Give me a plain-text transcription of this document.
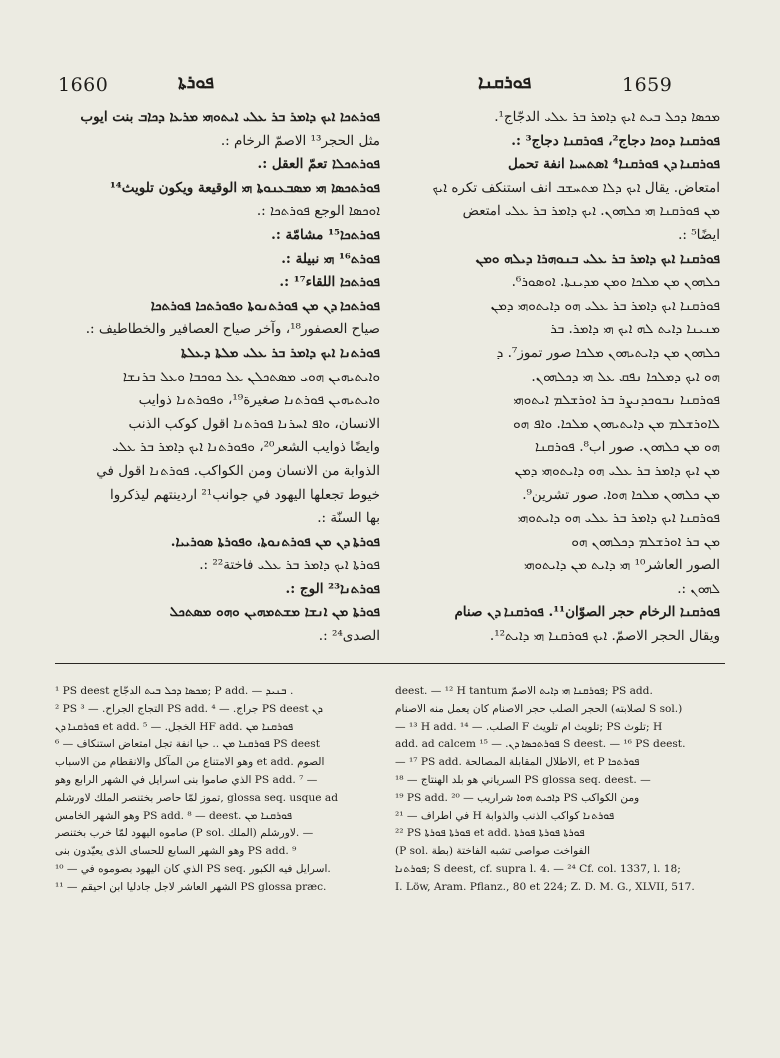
1660	ܦܘܪܬܐ	ܦܘܪܩܢܐ	1659
ܦܘܪܬܟܐ ܐܝܟ ܕܐܡܪ ܒܪ ܥܠܝ ܐܝܬܘܗܝ ܡܪܥܐ ܕܟܐܒ بنت ايوب
مثل الحجر¹³ الاصمّ الرخام :.
ܦܘܪܬܟܠܐ تعمّ العقل :.
ܦܘܪܬܟܣܐ ܗܝ ܡܣܒܥܢܘܬܐ ܗܝ الوقيعة ويكون تلويث¹⁴
ܐܘܟܣܐ الوجع ܦܘܪܬܟܐ :.
ܦܘܪܬܟܐ¹⁵ مشامّة :.
ܦܘܪܬ¹⁶ ܗܝ نبيلة :.
ܦܘܪܬܟܐ اللقاء¹⁷ :.
ܦܘܪܬܟܐ ܕܢ ܡܢ ܦܘܪܬܢܘܬܐ ܘܦܘܪܬܟܐ ܦܘܪܬܟܐ
صياح العصفور¹⁸، وآخر صياح العصافير والخطاطيف :.
ܦܘܪܬܢܐ ܐܝܟ ܕܐܡܪ ܒܪ ܥܠܝ ܡܠܬܐ ܕܥܠܬܐ
ܘܐܝܬܝܗܝܢ ܗܘܝ ܡܣܬܟܠܢ ܥܠ ܟܘܟܒܐ ܘܥܠ ܒܪܢܫܐ
ܘܐܝܬܝܗܝܢ ܦܘܪܬܢܐ صغيرة¹⁹، ܘܦܘܪܬܢܐ ذوايب
الانسان، ܘܐܦ ܐܚܪܢܐ ܦܘܪܬܢܐ اقول كوكب الذنب
وايضًا ذوايب الشعر²⁰، ܘܦܘܪܬܢܐ ܐܝܟ ܕܐܡܪ ܒܪ ܥܠܝ
الذوابة من الانسان ومن الكواكب. ܦܘܪܬܢܐ اقول في
خيوط تجعلها اليهود في جوانب²¹ اردينتهم ليذكروا
بها السنّة :.
ܦܘܪܬܐ ܕܢ ܡܢ ܦܘܪܬܢܘܬܐ، ܘܦܘܪܬܐ ܣܘܪܝܝܐ.
ܦܘܪܬܐ ܐܝܟ ܕܐܡܪ ܒܪ ܥܠܝ فاختة²² :.
ܦܘܪܬܢܐ²³ الوج :.
ܦܘܪܬܐ ܡܢ ܐܢܫܐ ܡܫܬܡܗܝܢ ܘܗܘ ܡܣܬܟܠ
الصدى²⁴ :.
ܡܟܣܐ ܕܟܠ ܒܝܬ ܐܝܟ ܕܐܡܪ ܒܪ ܥܠܝ الدجّاج¹.
ܦܘܪܩܢܐ ܕܘܟܐ دجاج²، ܦܘܪܩܢܐ دجاج³ :.
ܦܘܪܩܢܐ ܕܢ ܦܘܪܩܢܐ⁴ ܐܣܬܚܝܐ انفة تحمل
امتعاض. يقال ܐܝܟ ܕܠܐ ܡܬܚܫܒ انف استنكف تكره ܐܝܟ
ܡܢ ܦܘܪܩܢܐ ܗܝ ܟܠܗܘܢ. ܐܝܟ ܕܐܡܪ ܒܪ ܥܠܝ امتعض
ايضًا⁵ :.
ܦܘܪܩܢܐ ܐܝܟ ܕܐܡܪ ܒܪ ܥܠܝ ܒܢܘܗܪܐ ܕܝܠܗ ܘܡܢ
ܟܠܗܘܢ ܡܢ ܡܠܟܐ ܘܡܢ ܡܕܝܢܬܐ. ܐܘܣܘܪ⁶.
ܦܘܪܩܢܐ ܐܝܟ ܕܐܡܪ ܒܪ ܥܠܝ ܗܘ ܕܐܝܬܘܗܝ ܕܡܢ
ܡܢܝܢܐ ܕܐܝܬ ܠܗ ܐܝܟ ܗܝ ܕܐܡܪ. ܒܪ
ܟܠܗܘܢ ܡܢ ܕܐܝܬܝܗܘܢ ܡܠܟܐ صور تموز⁷. ܕ
ܗܘ ܐܝܟ ܕܡܠܟܐ ܢܦܩ ܥܠ ܗܝ ܕܟܠܗܘܢ.
ܦܘܪܩܢܐ ܢܒܘܟܕܢܨܪ ܒܪ ܐܘܪܫܠܡ ܐܝܬܘܗܝ
ܠܐܘܪܫܠܡ ܡܢ ܕܐܝܬܝܗܘܢ ܡܠܟܐ. ܘܐܦ ܗܘ
ܗܘ ܡܢ ܟܠܗܘܢ. صور اب⁸. ܦܘܪܩܢܐ
ܡܢ ܐܝܟ ܕܐܡܪ ܒܪ ܥܠܝ ܗܘ ܕܐܝܬܘܗܝ ܕܡܢ
ܡܢ ܟܠܗܘܢ ܡܠܟܐ ܗܘܐ. صور تشرين⁹.
ܦܘܪܩܢܐ ܐܝܟ ܕܐܡܪ ܒܪ ܥܠܝ ܗܘ ܕܐܝܬܘܗܝ
ܡܢ ܒܪ ܐܘܪܫܠܡ ܕܟܠܗܘܢ ܗܘ
الصور العاشر¹⁰ ܗܝ ܕܐܝܬ ܡܢ ܕܐܝܬܘܗܝ
ܠܗܘܢ :.
ܦܘܪܩܢܐ الرخام حجر الصوّان¹¹. ܦܘܪܩܢܐ ܕܢ صنام
ويقال الحجر الاصمّ. ܐܝܟ ܦܘܪܩܢܐ ܗܝ ܕܐܝܬ¹².
¹ PS deest ܡܟܣܐ ܕܟܠ ܒܝܬ الدجّاج; P add. — ܒܢܝܕ .
² PS التجاج الجراح. — ³ PS add. جراج. — ⁴ PS deest ܕܢ
ܦܘܪܩܢܐ ܕܢ et add. الخجل. — ⁵ HF add. ܦܘܪܩܢܐ ܡܢ
ܦܘܪܩܢܐ ܡܢ .. حيا انفة تجل امتعاض استنكاف — ⁶ PS deest
وهو الامتناع من المآكل والانقطام من الاسباب et add. الصوم
الذي صاموا بنى اسرايل في الشهر الرابع وهو PS add. ⁷ —
تموز لمّا حاصر بختنصر الملك لاورشلم, glossa seq. usque ad
وهو الشهر الخامس PS add. ⁸ — deest. ܦܘܪܩܢܐ ܡܢ
صاموه اليهود لمّا خرب بختنصر (P sol. الملك) لاورشلم. —
وهو الشهر السابع للحساى الذى يعيّدون بنى PS add. ⁹
الذي كان اليهود بصوموه في — ¹⁰ PS seq. اسرايل فيه الكبور.
الشهر العاشر لاجل جادليا ابن احيقم — ¹¹ PS glossa præc.
deest. — ¹² H tantum ܦܘܪܩܢܐ ܗܝ ܕܐܝܬ الاصمّ; PS add.
الحجر الصلب حجر الاصنام كان يعمل منه الاصنام (لصلابته S sol.)
— ¹³ H add. الصلب. — ¹⁴ F تلويث ام تلويث; PS تلوث; H
add. ad calcem ܦܘܪܬܟܣܐ ܕܢ. — ¹⁵ S deest. — ¹⁶ PS deest.
— ¹⁷ PS add. الاطلال المقابلة المصالحة, et P ܦܘܪܬܟܐ
السرياني هو بلد الهنتاج — ¹⁸ PS glossa seq. deest. —
¹⁹ PS add. ܕܐܟܝܬ ܗܘܐ شراريب — ²⁰ PS ومن الكواكب
في اطراف — ²¹ H ܦܘܪܬܢܐ كواكب الذنب والذوابة
²² PS ܦܘܪܬܐ ܦܘܪܬܐ et add. ܦܘܪܬܐ ܦܘܪܬܐ ܦܘܪܬܐ
(P sol. الفواخت صواصى تشبه الفاختة (بطة
ܦܘܪܬܢܐ; S deest, cf. supra l. 4. — ²⁴ Cf. col. 1337, l. 18;
I. Löw, Aram. Pflanz., 80 et 224; Z. D. M. G., XLVII, 517.
